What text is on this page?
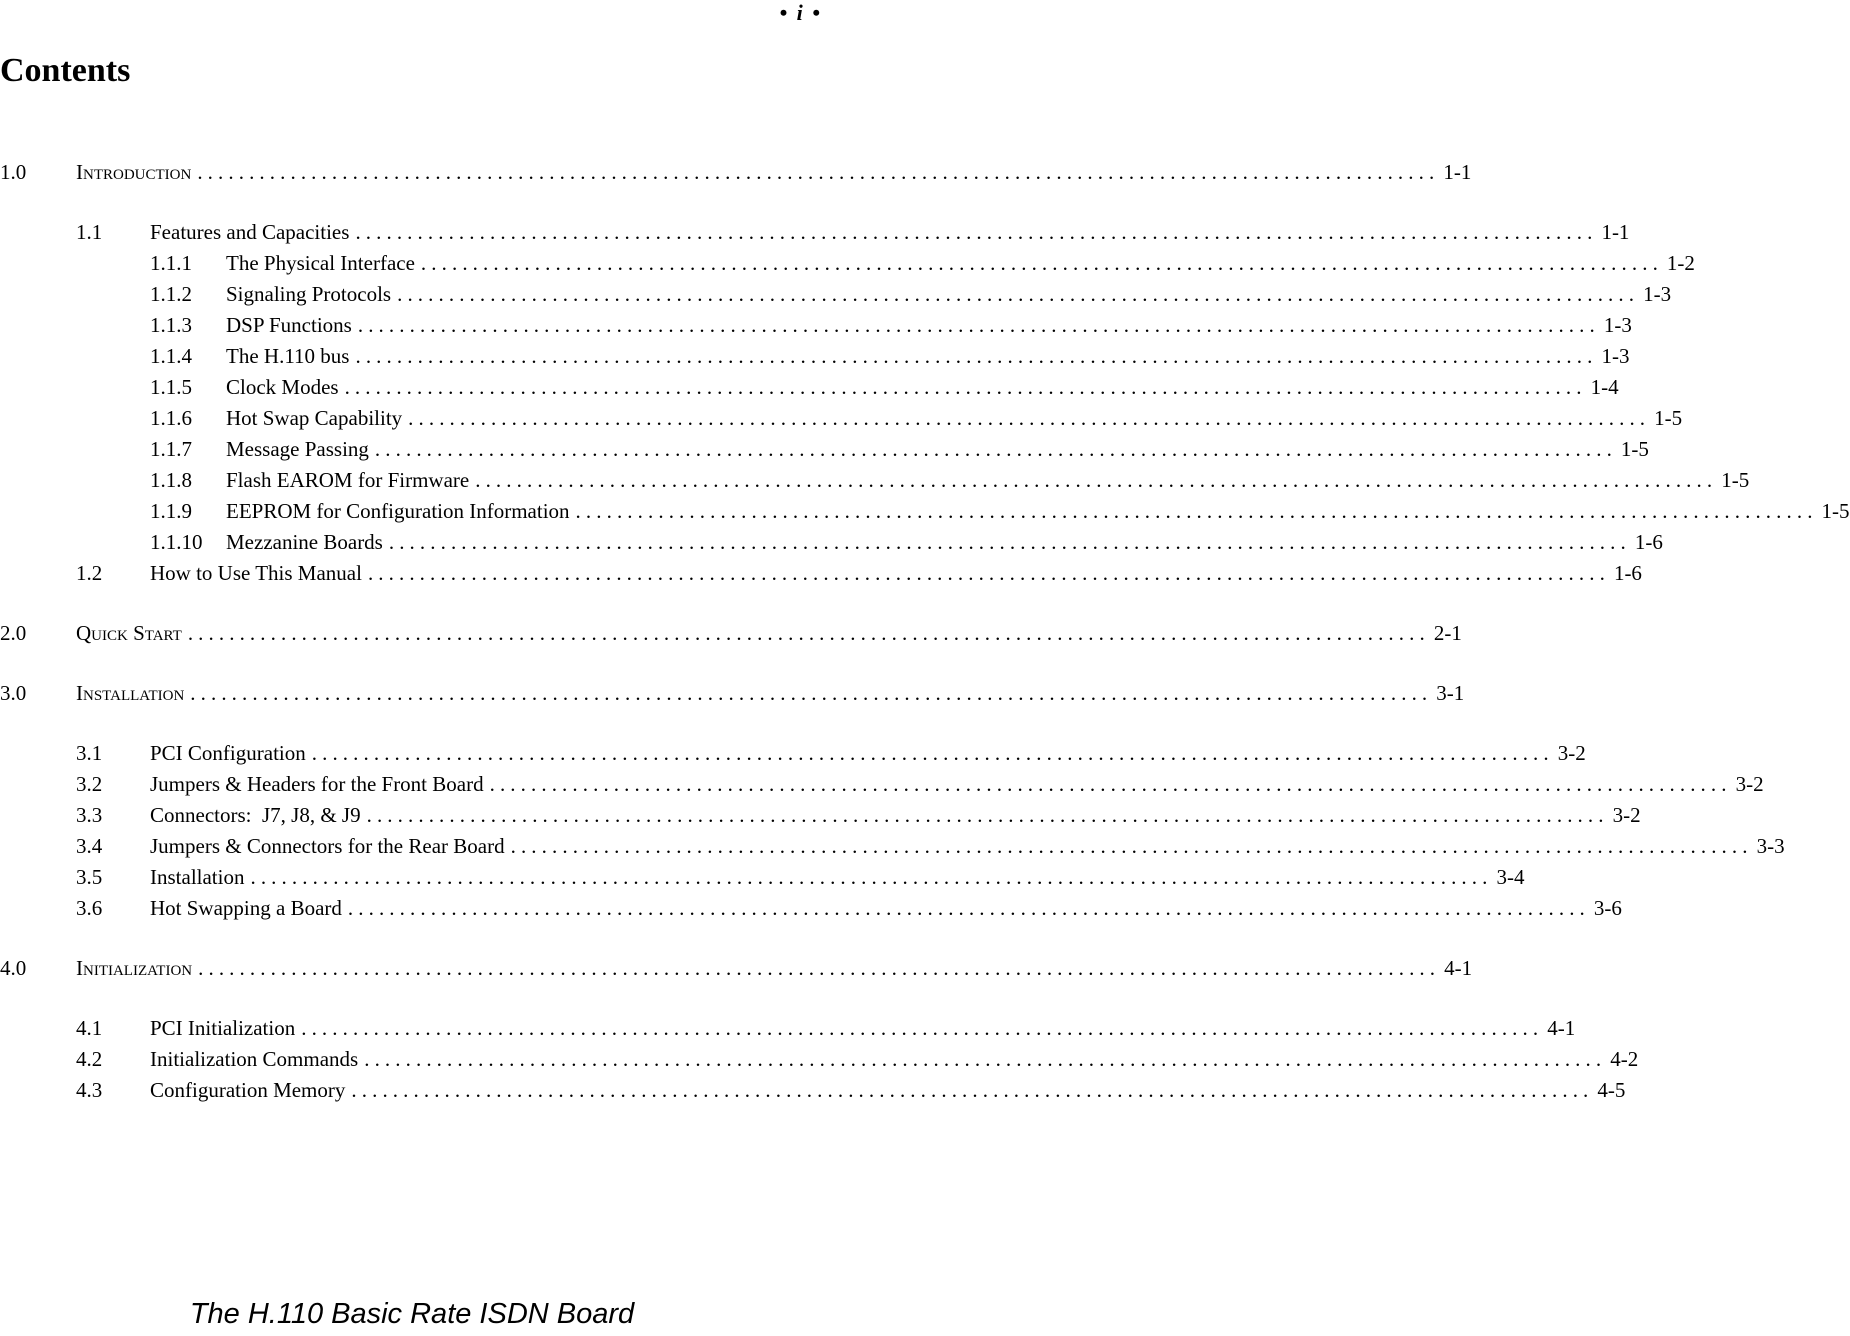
• i •
Contents
1.0	Introduction ........................................................................................................................ 1-1
1.1	Features and Capacities ........................................................................................................................ 1-1
1.1.1	The Physical Interface ........................................................................................................................ 1-2
1.1.2	Signaling Protocols ........................................................................................................................ 1-3
1.1.3	DSP Functions ........................................................................................................................ 1-3
1.1.4	The H.110 bus ........................................................................................................................ 1-3
1.1.5	Clock Modes ........................................................................................................................ 1-4
1.1.6	Hot Swap Capability ........................................................................................................................ 1-5
1.1.7	Message Passing ........................................................................................................................ 1-5
1.1.8	Flash EAROM for Firmware ........................................................................................................................ 1-5
1.1.9	EEPROM for Configuration Information ........................................................................................................................ 1-5
1.1.10	Mezzanine Boards ........................................................................................................................ 1-6
1.2	How to Use This Manual ........................................................................................................................ 1-6
2.0	Quick Start ........................................................................................................................ 2-1
3.0	Installation ........................................................................................................................ 3-1
3.1	PCI Configuration ........................................................................................................................ 3-2
3.2	Jumpers & Headers for the Front Board ........................................................................................................................ 3-2
3.3	Connectors:  J7, J8, & J9 ........................................................................................................................ 3-2
3.4	Jumpers & Connectors for the Rear Board ........................................................................................................................ 3-3
3.5	Installation ........................................................................................................................ 3-4
3.6	Hot Swapping a Board ........................................................................................................................ 3-6
4.0	Initialization ........................................................................................................................ 4-1
4.1	PCI Initialization ........................................................................................................................ 4-1
4.2	Initialization Commands ........................................................................................................................ 4-2
4.3	Configuration Memory ........................................................................................................................ 4-5
The H.110 Basic Rate ISDN Board
